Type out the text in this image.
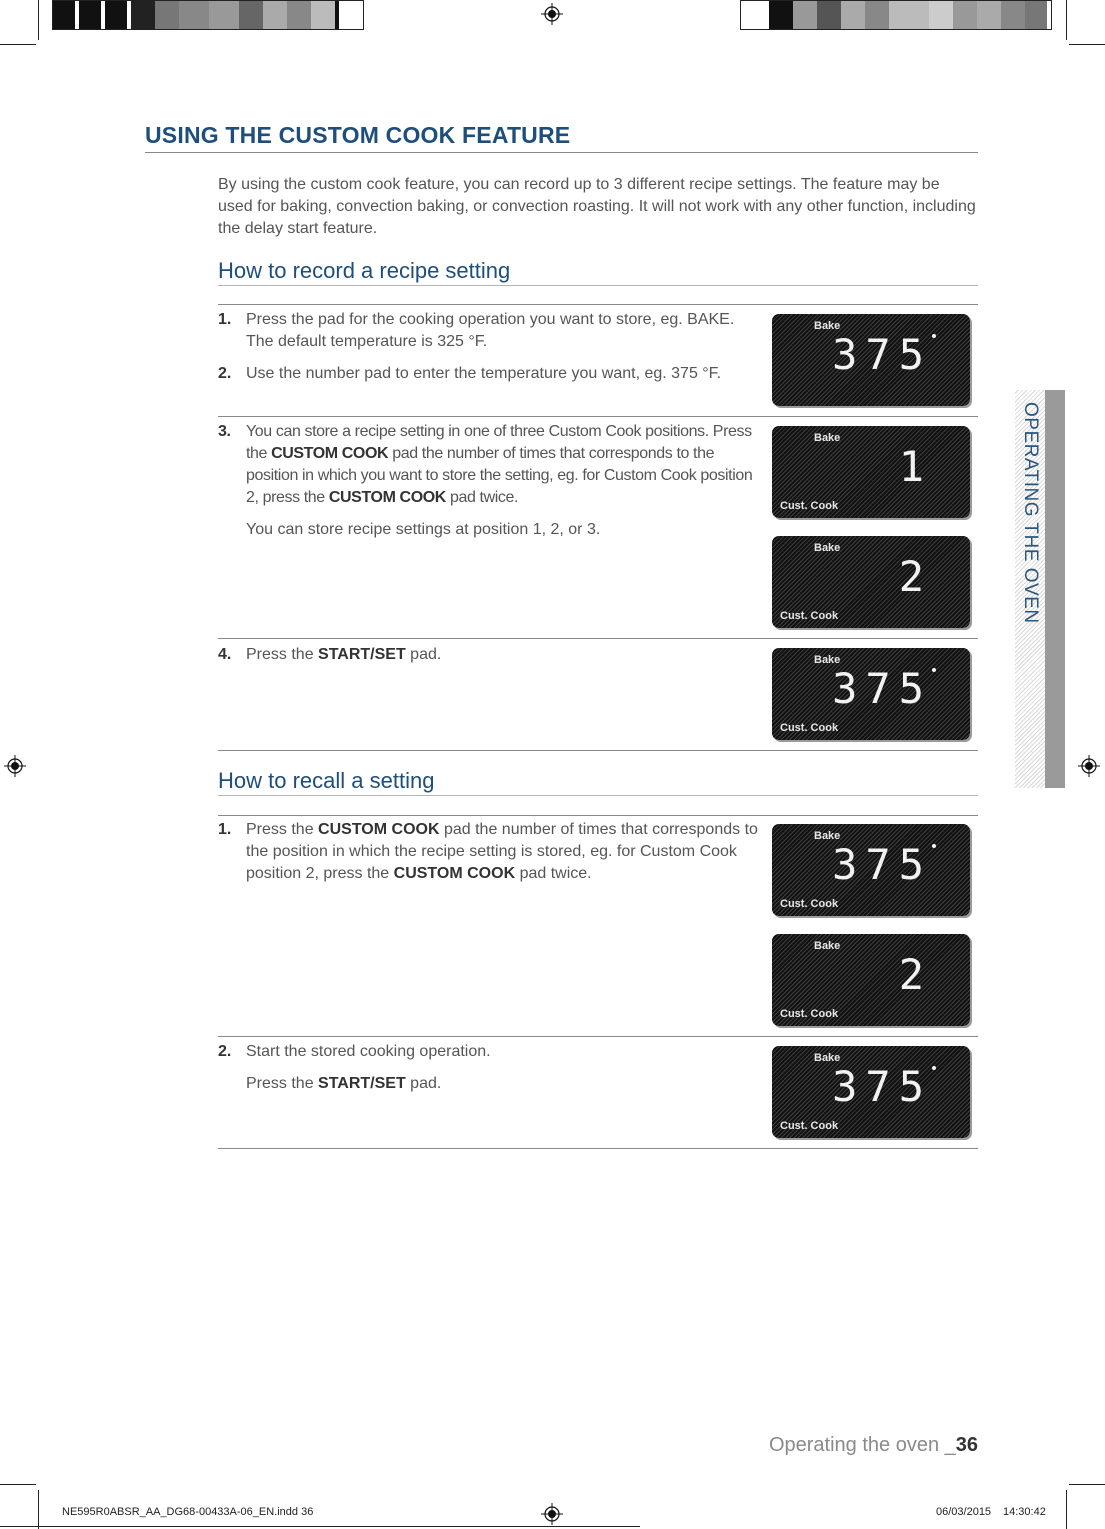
USING THE CUSTOM COOK FEATURE
By using the custom cook feature, you can record up to 3 different recipe settings. The feature may be used for baking, convection baking, or convection roasting. It will not work with any other function, including the delay start feature.
How to record a recipe setting
1. Press the pad for the cooking operation you want to store, eg. BAKE. The default temperature is 325 °F.
2. Use the number pad to enter the temperature you want, eg. 375 °F.
3. You can store a recipe setting in one of three Custom Cook positions. Press the CUSTOM COOK pad the number of times that corresponds to the position in which you want to store the setting, eg. for Custom Cook position 2, press the CUSTOM COOK pad twice.
You can store recipe settings at position 1, 2, or 3.
4. Press the START/SET pad.
How to recall a setting
1. Press the CUSTOM COOK pad the number of times that corresponds to the position in which the recipe setting is stored, eg. for Custom Cook position 2, press the CUSTOM COOK pad twice.
2. Start the stored cooking operation.
Press the START/SET pad.
Bake
375
Bake
1
Cust. Cook
Bake
2
Cust. Cook
Bake
375
Cust. Cook
Bake
375
Cust. Cook
Bake
2
Cust. Cook
Bake
375
Cust. Cook
OPERATING THE OVEN
Operating the oven _36
NE595R0ABSR_AA_DG68-00433A-06_EN.indd 36	06/03/2015 14:30:42
